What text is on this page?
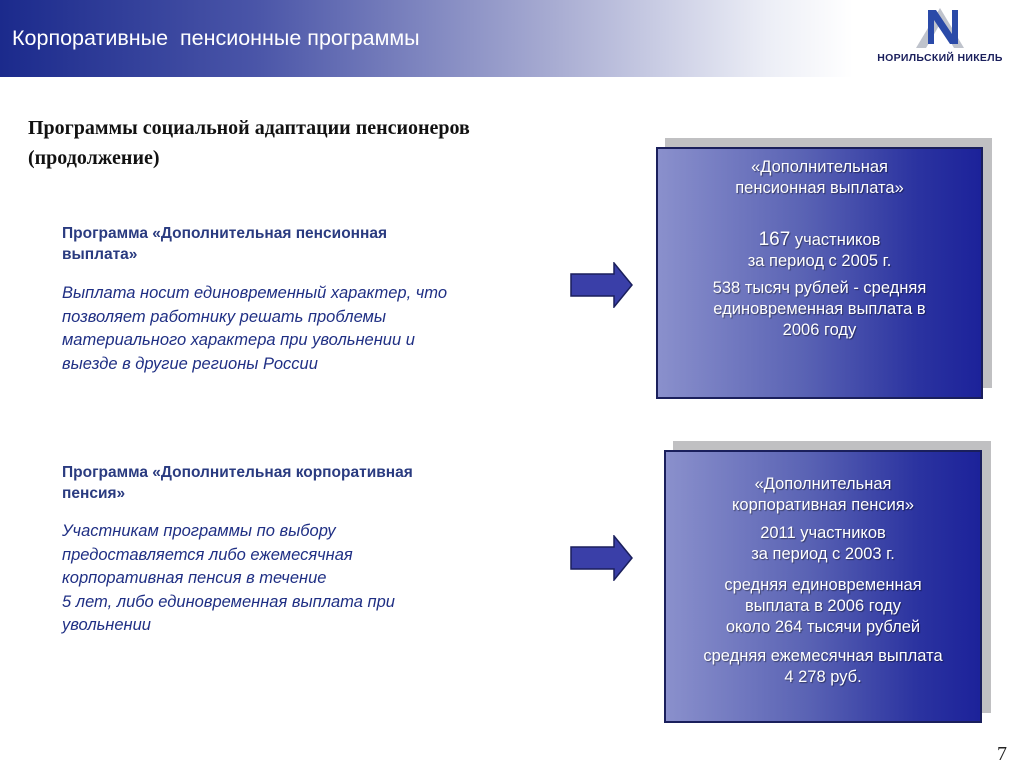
Корпоративные  пенсионные программы
НОРИЛЬСКИЙ НИКЕЛЬ
Программы социальной адаптации пенсионеров
(продолжение)
Программа «Дополнительная пенсионная
выплата»
Выплата носит единовременный характер, что
позволяет работнику решать проблемы
материального характера при увольнении и
выезде в другие регионы России
«Дополнительная
пенсионная выплата»
167 участников
за период с 2005 г.
538 тысяч рублей - средняя
единовременная выплата в
2006 году
Программа «Дополнительная корпоративная
пенсия»
Участникам программы по выбору
предоставляется либо ежемесячная
корпоративная пенсия в течение
5 лет, либо единовременная выплата при
увольнении
«Дополнительная
корпоративная пенсия»
2011 участников
за период с 2003 г.
средняя единовременная
выплата в 2006 году
около 264 тысячи рублей
средняя ежемесячная выплата
4 278 руб.
7
